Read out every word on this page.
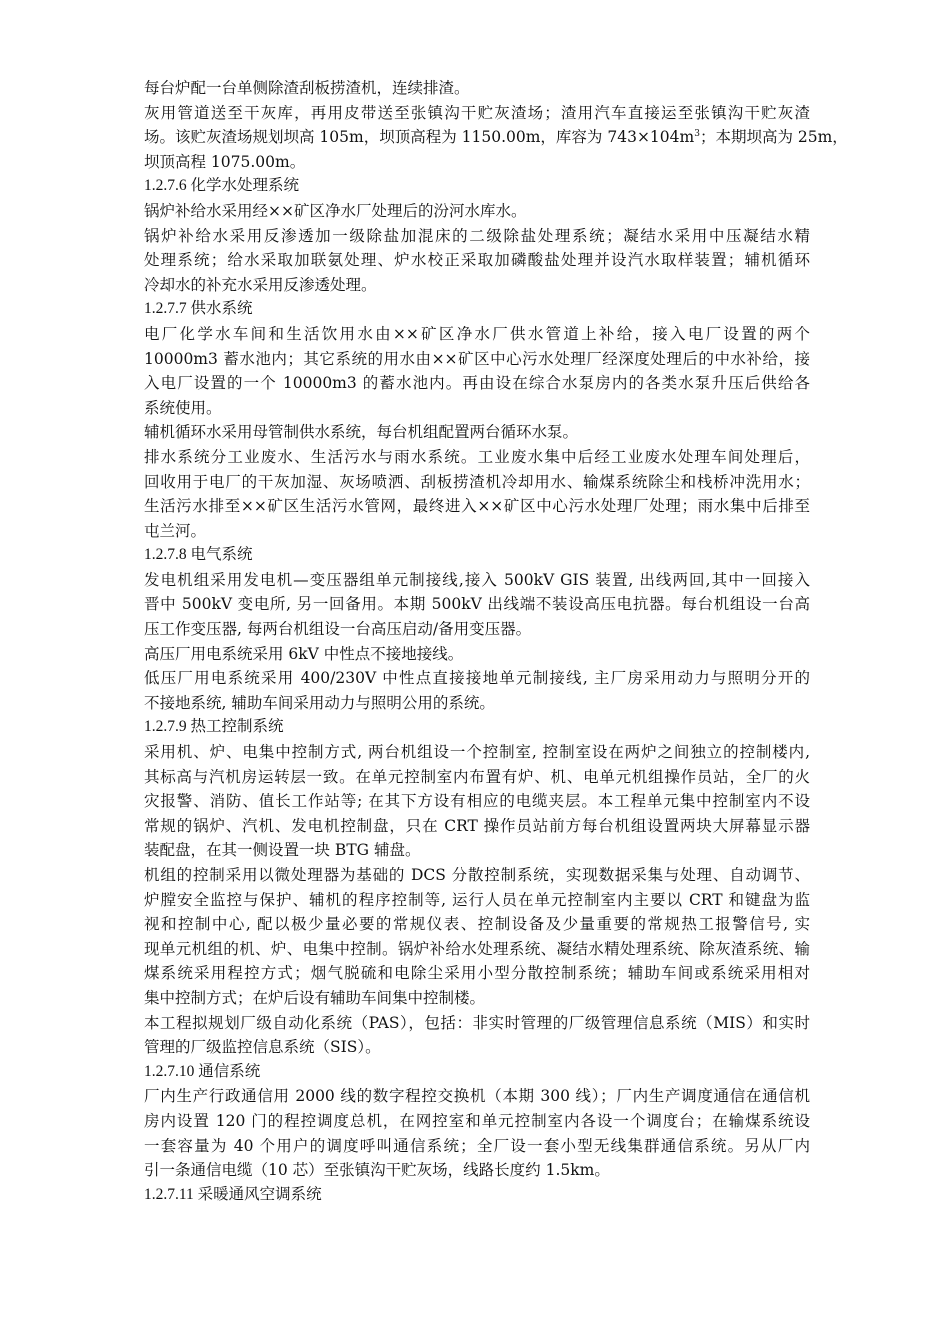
每台炉配一台单侧除渣刮板捞渣机，连续排渣。
灰用管道送至干灰库，再用皮带送至张镇沟干贮灰渣场；渣用汽车直接运至张镇沟干贮灰渣
场。该贮灰渣场规划坝高 105m，坝顶高程为 1150.00m，库容为 $743\times 104m^3$；本期坝高为 25m，
坝顶高程 1075.00m。
1.2.7.6 化学水处理系统
锅炉补给水采用经××矿区净水厂处理后的汾河水库水。
锅炉补给水采用反渗透加一级除盐加混床的二级除盐处理系统；凝结水采用中压凝结水精
处理系统；给水采取加联氨处理、炉水校正采取加磷酸盐处理并设汽水取样装置；辅机循环
冷却水的补充水采用反渗透处理。
1.2.7.7 供水系统
电厂化学水车间和生活饮用水由××矿区净水厂供水管道上补给，接入电厂设置的两个
10000m3 蓄水池内；其它系统的用水由××矿区中心污水处理厂经深度处理后的中水补给，接
入电厂设置的一个 10000m3 的蓄水池内。再由设在综合水泵房内的各类水泵升压后供给各
系统使用。
辅机循环水采用母管制供水系统，每台机组配置两台循环水泵。
排水系统分工业废水、生活污水与雨水系统。工业废水集中后经工业废水处理车间处理后，
回收用于电厂的干灰加湿、灰场喷洒、刮板捞渣机冷却用水、输煤系统除尘和栈桥冲洗用水；
生活污水排至××矿区生活污水管网，最终进入××矿区中心污水处理厂处理；雨水集中后排至
屯兰河。
1.2.7.8 电气系统
发电机组采用发电机—变压器组单元制接线,接入 500kV GIS 装置, 出线两回,其中一回接入
晋中 500kV 变电所, 另一回备用。本期 500kV 出线端不装设高压电抗器。每台机组设一台高
压工作变压器, 每两台机组设一台高压启动/备用变压器。
高压厂用电系统采用 6kV 中性点不接地接线。
低压厂用电系统采用 400/230V 中性点直接接地单元制接线, 主厂房采用动力与照明分开的
不接地系统, 辅助车间采用动力与照明公用的系统。
1.2.7.9 热工控制系统
采用机、炉、电集中控制方式, 两台机组设一个控制室, 控制室设在两炉之间独立的控制楼内,
其标高与汽机房运转层一致。在单元控制室内布置有炉、机、电单元机组操作员站，全厂的火
灾报警、消防、值长工作站等; 在其下方设有相应的电缆夹层。本工程单元集中控制室内不设
常规的锅炉、汽机、发电机控制盘，只在 CRT 操作员站前方每台机组设置两块大屏幕显示器
装配盘，在其一侧设置一块 BTG 辅盘。
机组的控制采用以微处理器为基础的 DCS 分散控制系统，实现数据采集与处理、自动调节、
炉膛安全监控与保护、辅机的程序控制等, 运行人员在单元控制室内主要以 CRT 和键盘为监
视和控制中心, 配以极少量必要的常规仪表、控制设备及少量重要的常规热工报警信号, 实
现单元机组的机、炉、电集中控制。锅炉补给水处理系统、凝结水精处理系统、除灰渣系统、输
煤系统采用程控方式；烟气脱硫和电除尘采用小型分散控制系统；辅助车间或系统采用相对
集中控制方式；在炉后设有辅助车间集中控制楼。
本工程拟规划厂级自动化系统（PAS），包括：非实时管理的厂级管理信息系统（MIS）和实时
管理的厂级监控信息系统（SIS）。
1.2.7.10 通信系统
厂内生产行政通信用 2000 线的数字程控交换机（本期 300 线）；厂内生产调度通信在通信机
房内设置 120 门的程控调度总机，在网控室和单元控制室内各设一个调度台；在输煤系统设
一套容量为 40 个用户的调度呼叫通信系统；全厂设一套小型无线集群通信系统。另从厂内
引一条通信电缆（10 芯）至张镇沟干贮灰场，线路长度约 1.5km。
1.2.7.11 采暖通风空调系统
